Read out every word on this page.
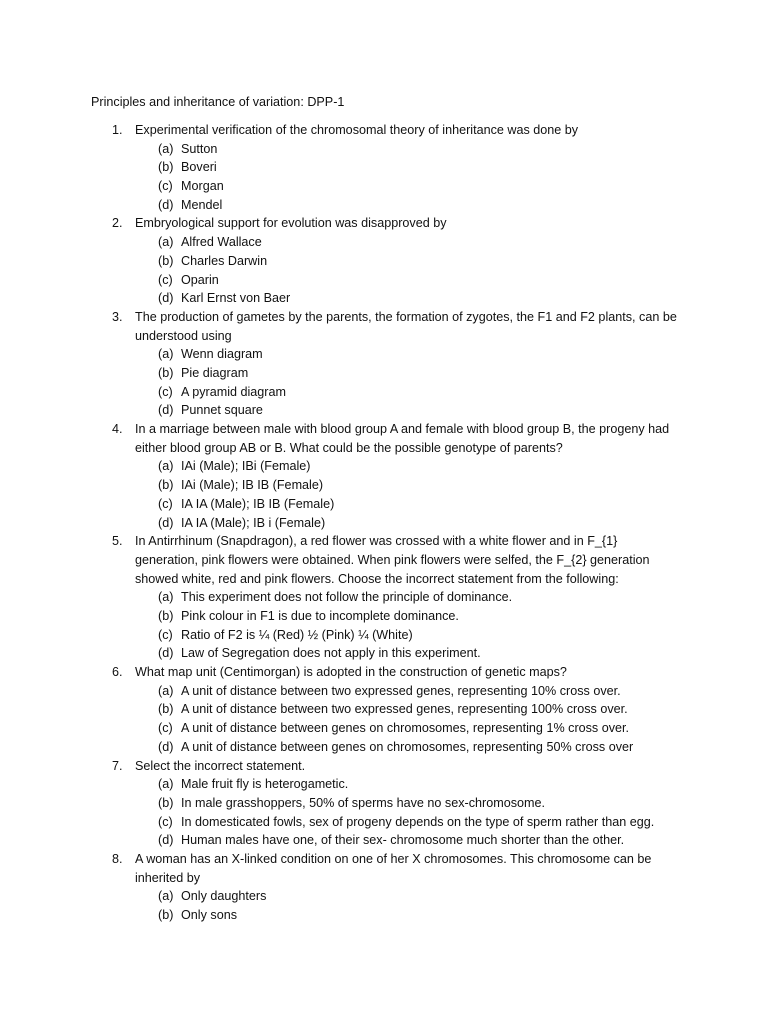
Principles and inheritance of variation: DPP-1
1. Experimental verification of the chromosomal theory of inheritance was done by
(a) Sutton
(b) Boveri
(c) Morgan
(d) Mendel
2. Embryological support for evolution was disapproved by
(a) Alfred Wallace
(b) Charles Darwin
(c) Oparin
(d) Karl Ernst von Baer
3. The production of gametes by the parents, the formation of zygotes, the F1 and F2 plants, can be understood using
(a) Wenn diagram
(b) Pie diagram
(c) A pyramid diagram
(d) Punnet square
4. In a marriage between male with blood group A and female with blood group B, the progeny had either blood group AB or B. What could be the possible genotype of parents?
(a) IAi (Male); IBi (Female)
(b) IAi (Male); IB IB (Female)
(c) IA IA (Male); IB IB (Female)
(d) IA IA (Male); IB i (Female)
5. In Antirrhinum (Snapdragon), a red flower was crossed with a white flower and in F_{1} generation, pink flowers were obtained. When pink flowers were selfed, the F_{2} generation showed white, red and pink flowers. Choose the incorrect statement from the following:
(a) This experiment does not follow the principle of dominance.
(b) Pink colour in F1 is due to incomplete dominance.
(c) Ratio of F2 is ¼ (Red) ½ (Pink) ¼ (White)
(d) Law of Segregation does not apply in this experiment.
6. What map unit (Centimorgan) is adopted in the construction of genetic maps?
(a) A unit of distance between two expressed genes, representing 10% cross over.
(b) A unit of distance between two expressed genes, representing 100% cross over.
(c) A unit of distance between genes on chromosomes, representing 1% cross over.
(d) A unit of distance between genes on chromosomes, representing 50% cross over
7. Select the incorrect statement.
(a) Male fruit fly is heterogametic.
(b) In male grasshoppers, 50% of sperms have no sex-chromosome.
(c) In domesticated fowls, sex of progeny depends on the type of sperm rather than egg.
(d) Human males have one, of their sex- chromosome much shorter than the other.
8. A woman has an X-linked condition on one of her X chromosomes. This chromosome can be inherited by
(a) Only daughters
(b) Only sons
